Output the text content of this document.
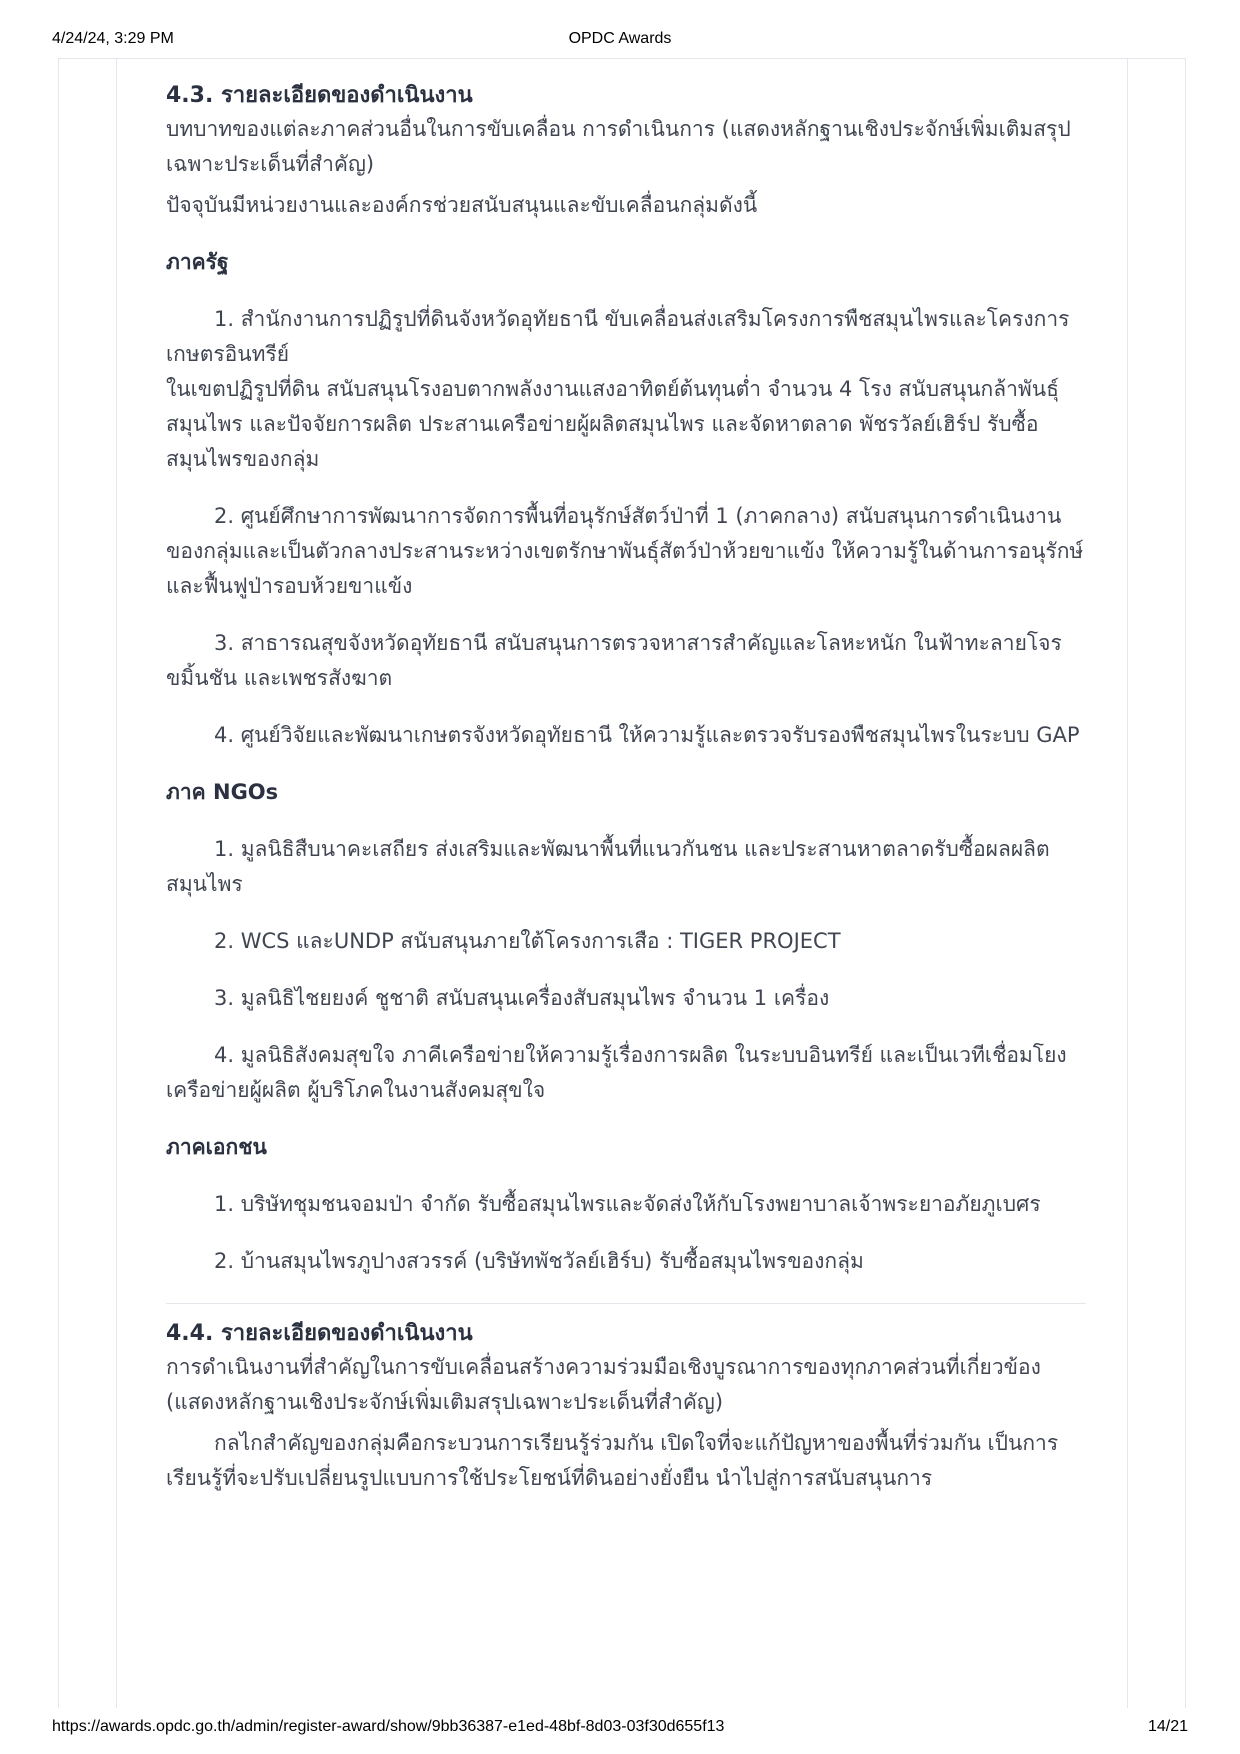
4/24/24, 3:29 PM	OPDC Awards
4.3. รายละเอียดของดำเนินงาน

บทบาทของแต่ละภาคส่วนอื่นในการขับเคลื่อน การดำเนินการ (แสดงหลักฐานเชิงประจักษ์เพิ่มเติมสรุปเฉพาะประเด็นที่สำคัญ)

ปัจจุบันมีหน่วยงานและองค์กรช่วยสนับสนุนและขับเคลื่อนกลุ่มดังนี้

ภาครัฐ
1. สำนักงานการปฏิรูปที่ดินจังหวัดอุทัยธานี ขับเคลื่อนส่งเสริมโครงการพืชสมุนไพรและโครงการเกษตรอินทรีย์
ในเขตปฏิรูปที่ดิน สนับสนุนโรงอบตากพลังงานแสงอาทิตย์ต้นทุนต่ำ จำนวน 4 โรง สนับสนุนกล้าพันธุ์สมุนไพร และปัจจัยการผลิต ประสานเครือข่ายผู้ผลิตสมุนไพร และจัดหาตลาด พัชรวัลย์เฮิร์ป รับซื้อสมุนไพรของกลุ่ม
2. ศูนย์ศึกษาการพัฒนาการจัดการพื้นที่อนุรักษ์สัตว์ป่าที่ 1 (ภาคกลาง) สนับสนุนการดำเนินงานของกลุ่มและเป็นตัวกลางประสานระหว่างเขตรักษาพันธุ์สัตว์ป่าห้วยขาแข้ง ให้ความรู้ในด้านการอนุรักษ์และฟื้นฟูป่ารอบห้วยขาแข้ง
3. สาธารณสุขจังหวัดอุทัยธานี สนับสนุนการตรวจหาสารสำคัญและโลหะหนัก ในฟ้าทะลายโจร ขมิ้นชัน และเพชรสังฆาต
4. ศูนย์วิจัยและพัฒนาเกษตรจังหวัดอุทัยธานี ให้ความรู้และตรวจรับรองพืชสมุนไพรในระบบ GAP
ภาค NGOs
1. มูลนิธิสืบนาคะเสถียร ส่งเสริมและพัฒนาพื้นที่แนวกันชน และประสานหาตลาดรับซื้อผลผลิตสมุนไพร
2. WCS และUNDP สนับสนุนภายใต้โครงการเสือ : TIGER PROJECT
3. มูลนิธิไชยยงค์ ชูชาติ สนับสนุนเครื่องสับสมุนไพร จำนวน 1 เครื่อง
4. มูลนิธิสังคมสุขใจ ภาคีเครือข่ายให้ความรู้เรื่องการผลิต ในระบบอินทรีย์ และเป็นเวทีเชื่อมโยงเครือข่ายผู้ผลิต ผู้บริโภคในงานสังคมสุขใจ
ภาคเอกชน
1. บริษัทชุมชนจอมป่า จำกัด รับซื้อสมุนไพรและจัดส่งให้กับโรงพยาบาลเจ้าพระยาอภัยภูเบศร
2. บ้านสมุนไพรภูปางสวรรค์ (บริษัทพัชวัลย์เฮิร์บ) รับซื้อสมุนไพรของกลุ่ม
4.4. รายละเอียดของดำเนินงาน

การดำเนินงานที่สำคัญในการขับเคลื่อนสร้างความร่วมมือเชิงบูรณาการของทุกภาคส่วนที่เกี่ยวข้อง (แสดงหลักฐานเชิงประจักษ์เพิ่มเติมสรุปเฉพาะประเด็นที่สำคัญ)

กลไกสำคัญของกลุ่มคือกระบวนการเรียนรู้ร่วมกัน เปิดใจที่จะแก้ปัญหาของพื้นที่ร่วมกัน เป็นการเรียนรู้ที่จะปรับเปลี่ยนรูปแบบการใช้ประโยชน์ที่ดินอย่างยั่งยืน นำไปสู่การสนับสนุนการ

https://awards.opdc.go.th/admin/register-award/show/9bb36387-e1ed-48bf-8d03-03f30d655f13	14/21
